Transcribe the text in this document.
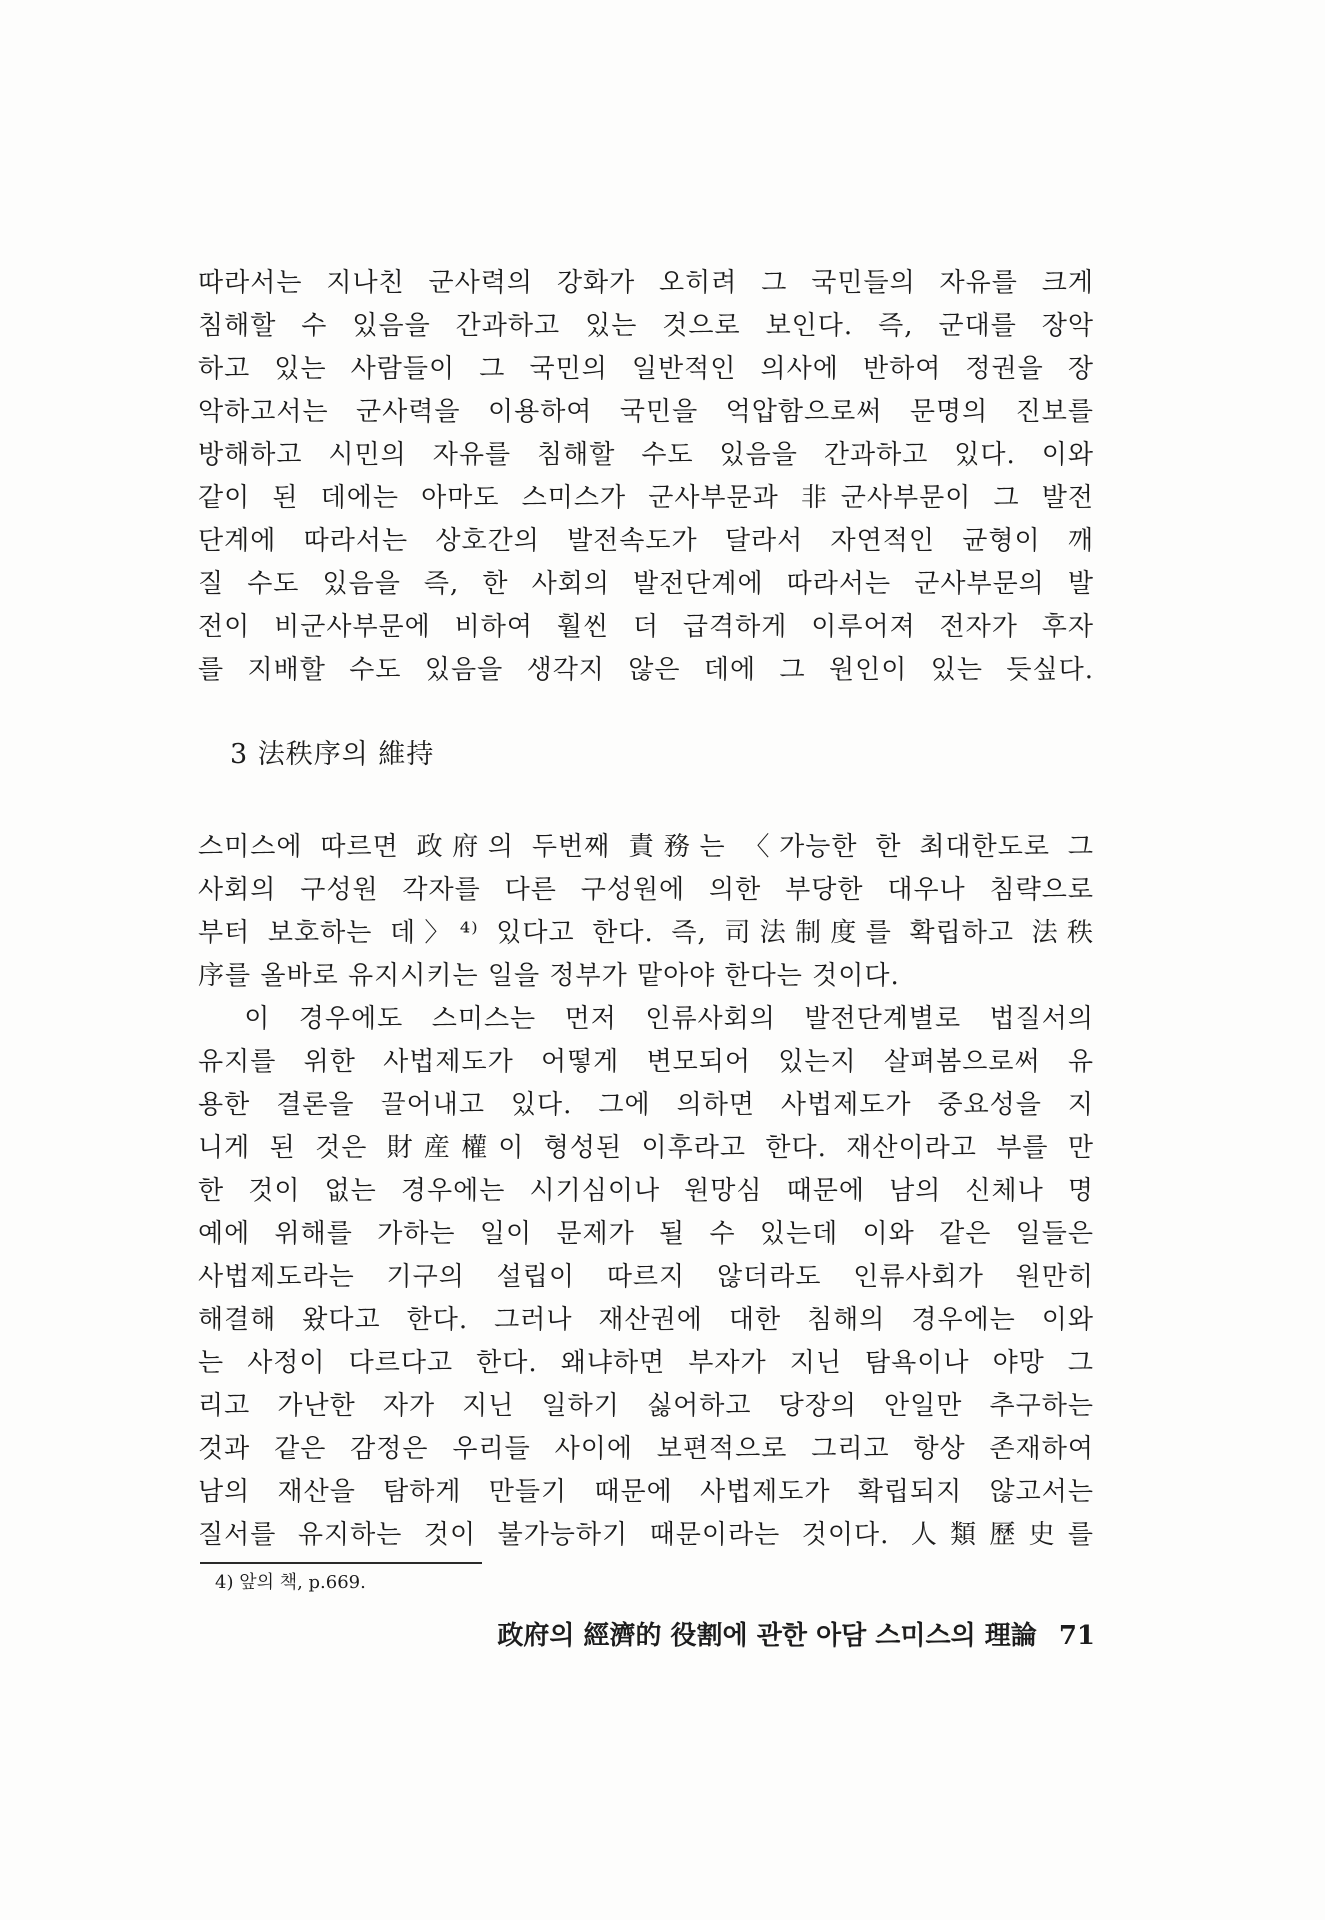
따라서는 지나친 군사력의 강화가 오히려 그 국민들의 자유를 크게
침해할 수 있음을 간과하고 있는 것으로 보인다. 즉, 군대를 장악
하고 있는 사람들이 그 국민의 일반적인 의사에 반하여 정권을 장
악하고서는 군사력을 이용하여 국민을 억압함으로써 문명의 진보를
방해하고 시민의 자유를 침해할 수도 있음을 간과하고 있다. 이와
같이 된 데에는 아마도 스미스가 군사부문과 非군사부문이 그 발전
단계에 따라서는 상호간의 발전속도가 달라서 자연적인 균형이 깨
질 수도 있음을 즉, 한 사회의 발전단계에 따라서는 군사부문의 발
전이 비군사부문에 비하여 훨씬 더 급격하게 이루어져 전자가 후자
를 지배할 수도 있음을 생각지 않은 데에 그 원인이 있는 듯싶다.
3 法秩序의 維持
스미스에 따르면 政府의 두번째 責務는 〈가능한 한 최대한도로 그
사회의 구성원 각자를 다른 구성원에 의한 부당한 대우나 침략으로
부터 보호하는 데〉⁴⁾ 있다고 한다. 즉, 司法制度를 확립하고 法秩
序를 올바로 유지시키는 일을 정부가 맡아야 한다는 것이다.
　이 경우에도 스미스는 먼저 인류사회의 발전단계별로 법질서의
유지를 위한 사법제도가 어떻게 변모되어 있는지 살펴봄으로써 유
용한 결론을 끌어내고 있다. 그에 의하면 사법제도가 중요성을 지
니게 된 것은 財産權이 형성된 이후라고 한다. 재산이라고 부를 만
한 것이 없는 경우에는 시기심이나 원망심 때문에 남의 신체나 명
예에 위해를 가하는 일이 문제가 될 수 있는데 이와 같은 일들은
사법제도라는 기구의 설립이 따르지 않더라도 인류사회가 원만히
해결해 왔다고 한다. 그러나 재산권에 대한 침해의 경우에는 이와
는 사정이 다르다고 한다. 왜냐하면 부자가 지닌 탐욕이나 야망 그
리고 가난한 자가 지닌 일하기 싫어하고 당장의 안일만 추구하는
것과 같은 감정은 우리들 사이에 보편적으로 그리고 항상 존재하여
남의 재산을 탐하게 만들기 때문에 사법제도가 확립되지 않고서는
질서를 유지하는 것이 불가능하기 때문이라는 것이다. 人類歷史를
4) 앞의 책, p.669.
政府의 經濟的 役割에 관한 아담 스미스의 理論 71
